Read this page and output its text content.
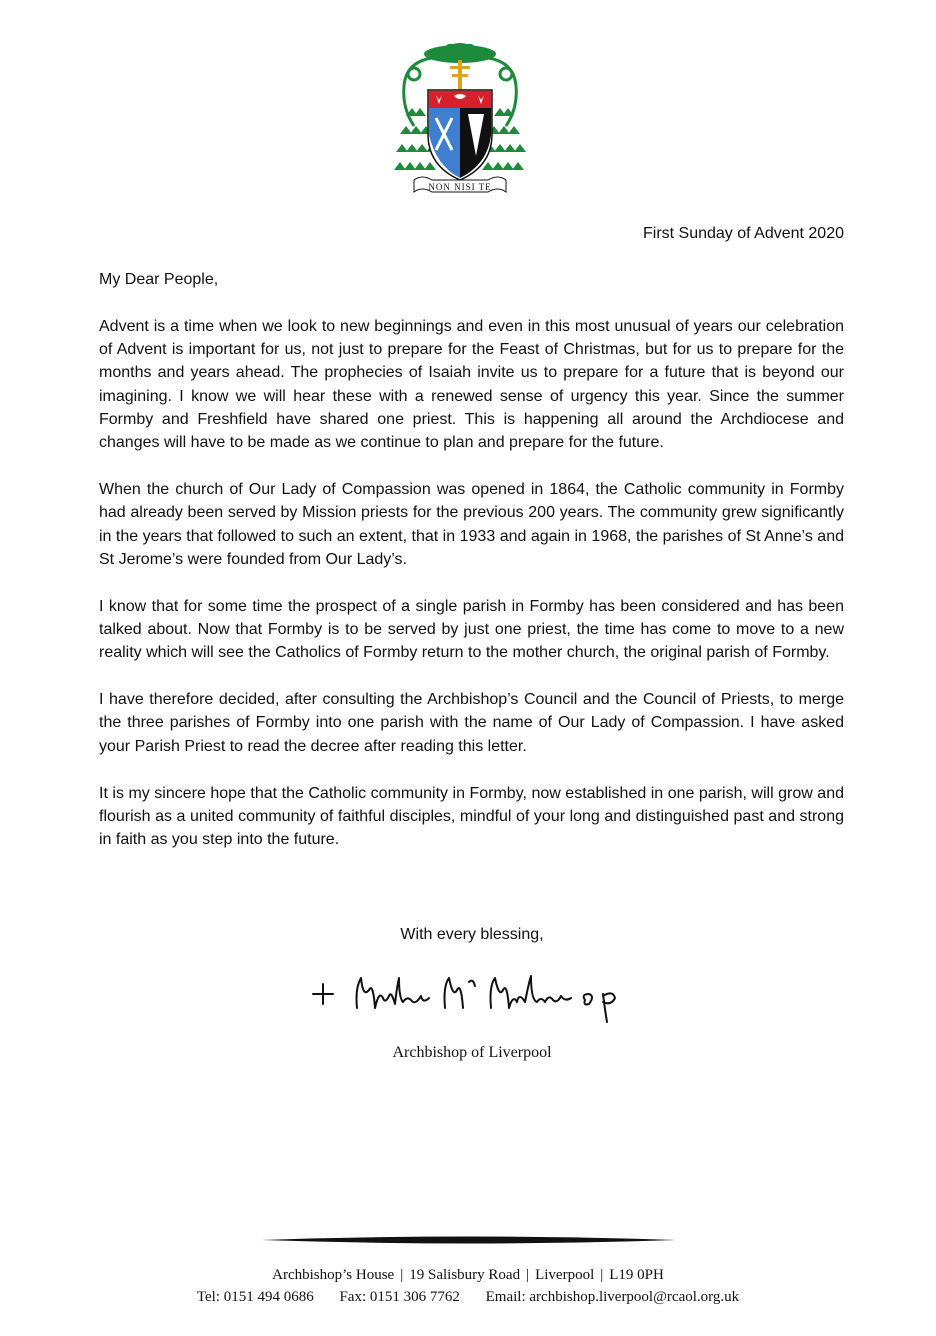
NON NISI TE
First Sunday of Advent 2020

My Dear People,

Advent is a time when we look to new beginnings and even in this most unusual of years our celebration of Advent is important for us, not just to prepare for the Feast of Christmas, but for us to prepare for the months and years ahead. The prophecies of Isaiah invite us to prepare for a future that is beyond our imagining. I know we will hear these with a renewed sense of urgency this year. Since the summer Formby and Freshfield have shared one priest. This is happening all around the Archdiocese and changes will have to be made as we continue to plan and prepare for the future.

When the church of Our Lady of Compassion was opened in 1864, the Catholic community in Formby had already been served by Mission priests for the previous 200 years. The community grew significantly in the years that followed to such an extent, that in 1933 and again in 1968, the parishes of St Anne’s and St Jerome’s were founded from Our Lady’s.

I know that for some time the prospect of a single parish in Formby has been considered and has been talked about. Now that Formby is to be served by just one priest, the time has come to move to a new reality which will see the Catholics of Formby return to the mother church, the original parish of Formby.

I have therefore decided, after consulting the Archbishop’s Council and the Council of Priests, to merge the three parishes of Formby into one parish with the name of Our Lady of Compassion. I have asked your Parish Priest to read the decree after reading this letter.

It is my sincere hope that the Catholic community in Formby, now established in one parish, will grow and flourish as a united community of faithful disciples, mindful of your long and distinguished past and strong in faith as you step into the future.

With every blessing,
Archbishop of Liverpool
Archbishop’s House | 19 Salisbury Road | Liverpool | L19 0PH
Tel: 0151 494 0686 Fax: 0151 306 7762 Email: archbishop.liverpool@rcaol.org.uk
